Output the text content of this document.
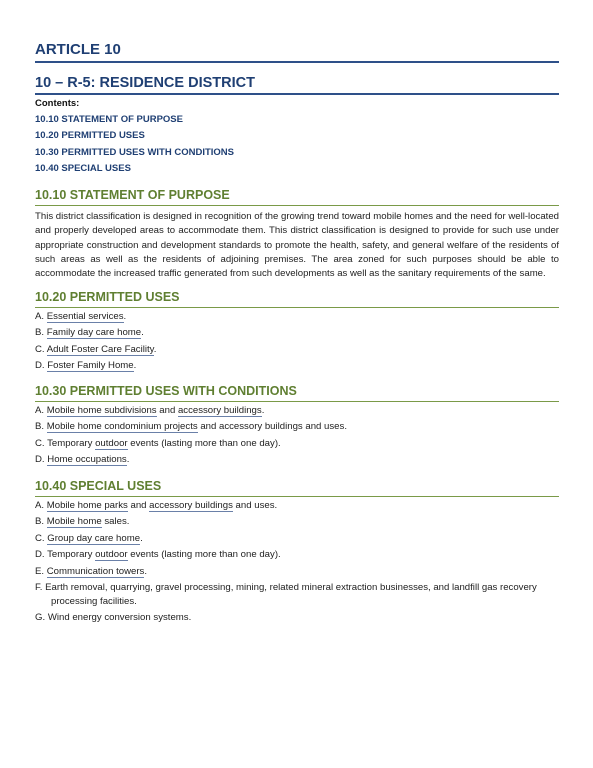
ARTICLE 10
10 – R-5: RESIDENCE DISTRICT
Contents:
10.10 STATEMENT OF PURPOSE
10.20 PERMITTED USES
10.30 PERMITTED USES WITH CONDITIONS
10.40 SPECIAL USES
10.10 STATEMENT OF PURPOSE
This district classification is designed in recognition of the growing trend toward mobile homes and the need for well-located and properly developed areas to accommodate them. This district classification is designed to provide for such use under appropriate construction and development standards to promote the health, safety, and general welfare of the residents of such areas as well as the residents of adjoining premises. The area zoned for such purposes should be able to accommodate the increased traffic generated from such developments as well as the sanitary requirements of the same.
10.20 PERMITTED USES
A. Essential services.
B. Family day care home.
C. Adult Foster Care Facility.
D. Foster Family Home.
10.30 PERMITTED USES WITH CONDITIONS
A. Mobile home subdivisions and accessory buildings.
B. Mobile home condominium projects and accessory buildings and uses.
C. Temporary outdoor events (lasting more than one day).
D. Home occupations.
10.40 SPECIAL USES
A. Mobile home parks and accessory buildings and uses.
B. Mobile home sales.
C. Group day care home.
D. Temporary outdoor events (lasting more than one day).
E. Communication towers.
F. Earth removal, quarrying, gravel processing, mining, related mineral extraction businesses, and landfill gas recovery
processing facilities.
G. Wind energy conversion systems.
